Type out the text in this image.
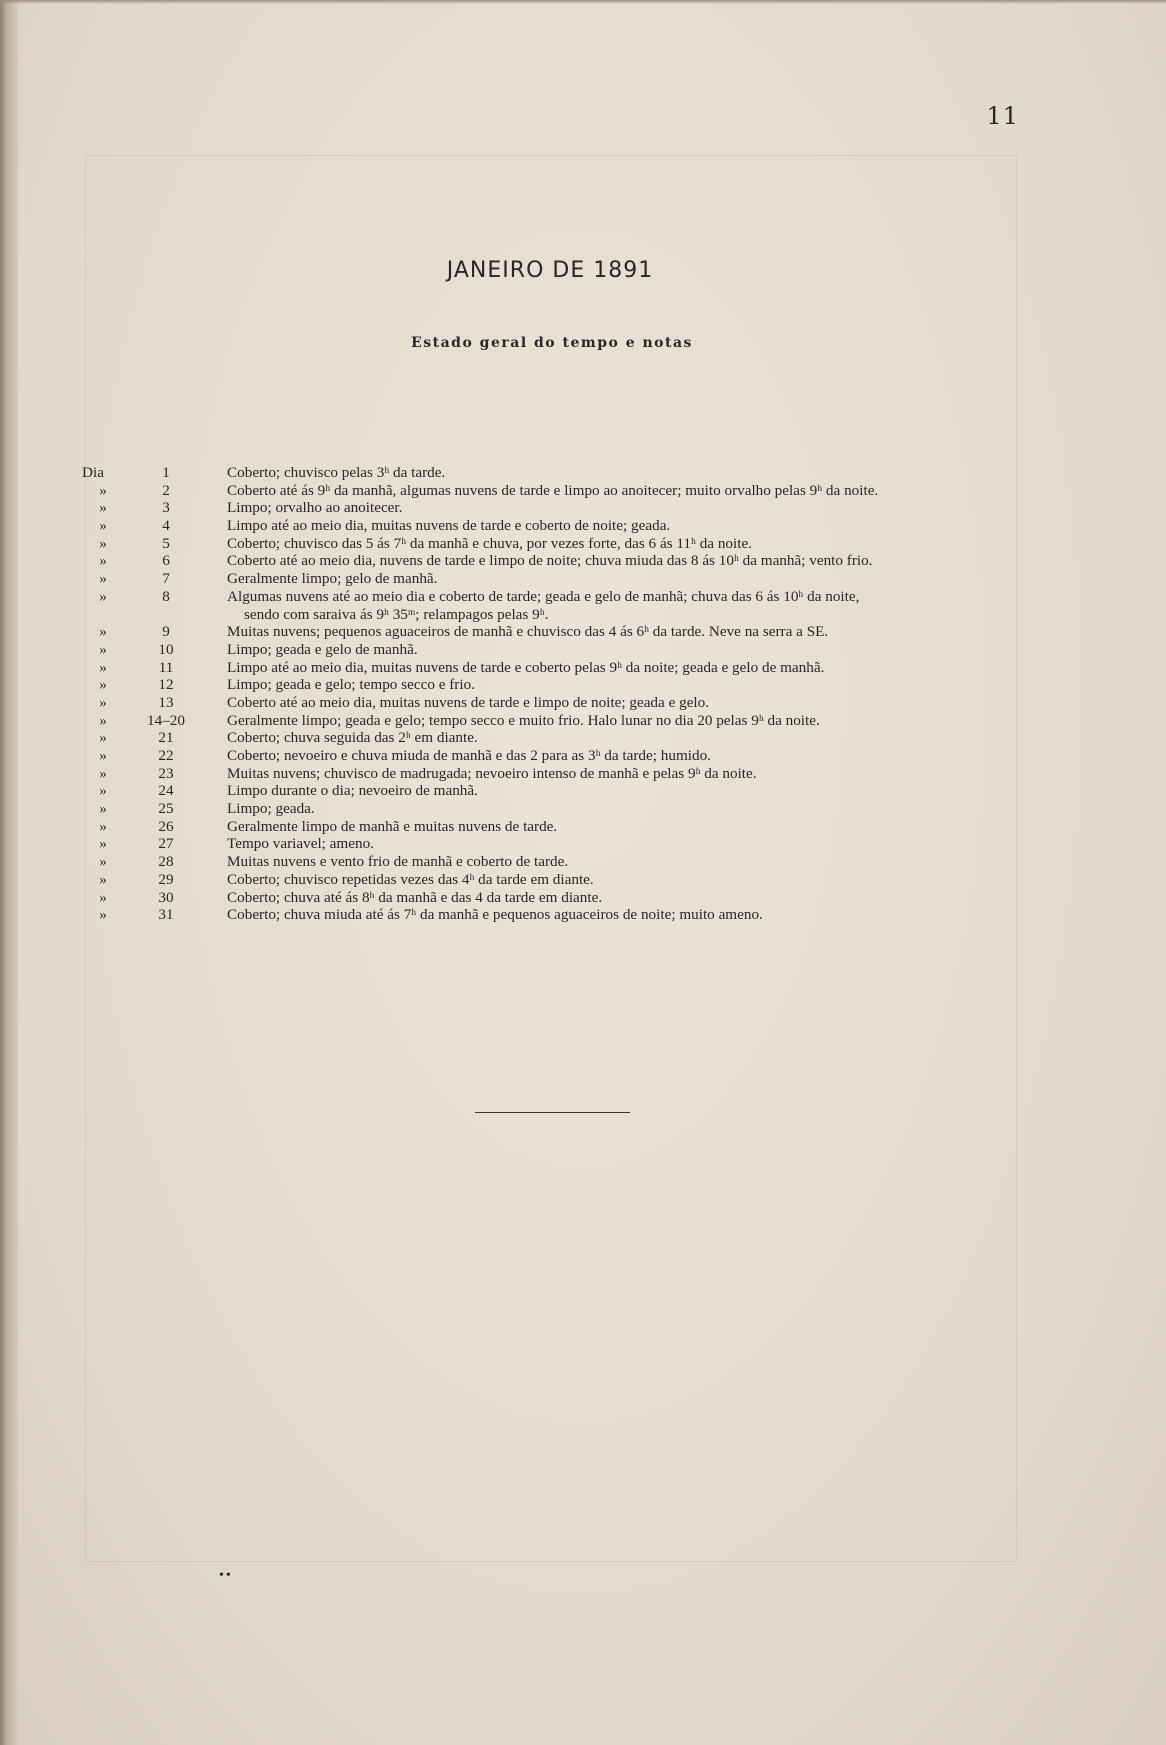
11
JANEIRO DE 1891
Estado geral do tempo e notas
Dia	1	Coberto; chuvisco pelas 3ʰ da tarde.
»	2	Coberto até ás 9ʰ da manhã, algumas nuvens de tarde e limpo ao anoitecer; muito orvalho pelas 9ʰ da noite.
»	3	Limpo; orvalho ao anoitecer.
»	4	Limpo até ao meio dia, muitas nuvens de tarde e coberto de noite; geada.
»	5	Coberto; chuvisco das 5 ás 7ʰ da manhã e chuva, por vezes forte, das 6 ás 11ʰ da noite.
»	6	Coberto até ao meio dia, nuvens de tarde e limpo de noite; chuva miuda das 8 ás 10ʰ da manhã; vento frio.
»	7	Geralmente limpo; gelo de manhã.
»	8	Algumas nuvens até ao meio dia e coberto de tarde; geada e gelo de manhã; chuva das 6 ás 10ʰ da noite,
sendo com saraiva ás 9ʰ 35ᵐ; relampagos pelas 9ʰ.
»	9	Muitas nuvens; pequenos aguaceiros de manhã e chuvisco das 4 ás 6ʰ da tarde. Neve na serra a SE.
»	10	Limpo; geada e gelo de manhã.
»	11	Limpo até ao meio dia, muitas nuvens de tarde e coberto pelas 9ʰ da noite; geada e gelo de manhã.
»	12	Limpo; geada e gelo; tempo secco e frio.
»	13	Coberto até ao meio dia, muitas nuvens de tarde e limpo de noite; geada e gelo.
»	14–20	Geralmente limpo; geada e gelo; tempo secco e muito frio. Halo lunar no dia 20 pelas 9ʰ da noite.
»	21	Coberto; chuva seguida das 2ʰ em diante.
»	22	Coberto; nevoeiro e chuva miuda de manhã e das 2 para as 3ʰ da tarde; humido.
»	23	Muitas nuvens; chuvisco de madrugada; nevoeiro intenso de manhã e pelas 9ʰ da noite.
»	24	Limpo durante o dia; nevoeiro de manhã.
»	25	Limpo; geada.
»	26	Geralmente limpo de manhã e muitas nuvens de tarde.
»	27	Tempo variavel; ameno.
»	28	Muitas nuvens e vento frio de manhã e coberto de tarde.
»	29	Coberto; chuvisco repetidas vezes das 4ʰ da tarde em diante.
»	30	Coberto; chuva até ás 8ʰ da manhã e das 4 da tarde em diante.
»	31	Coberto; chuva miuda até ás 7ʰ da manhã e pequenos aguaceiros de noite; muito ameno.
••
